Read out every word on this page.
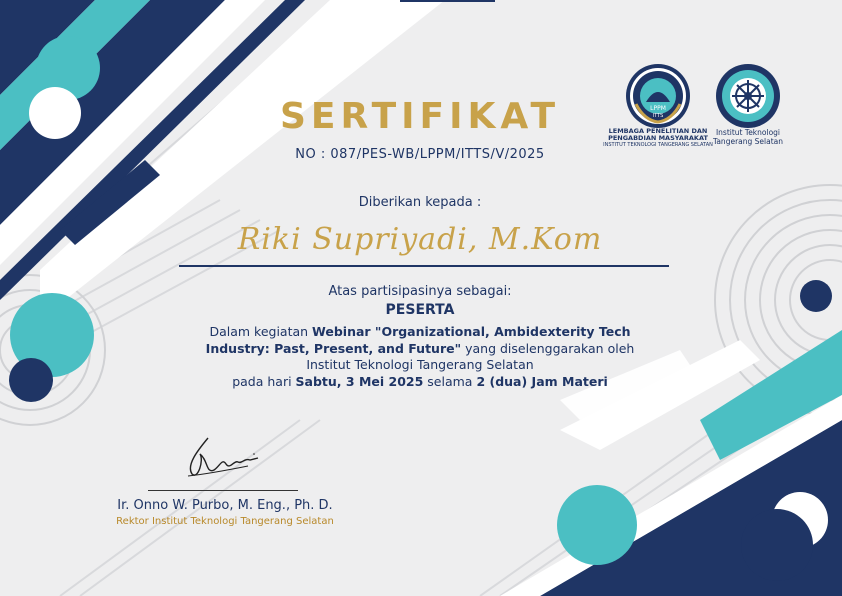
LPPM
ITTS
LEMBAGA PENELITIAN DAN PENGABDIAN MASYARAKAT
INSTITUT TEKNOLOGI TANGERANG SELATAN
Institut Teknologi
Tangerang Selatan
SERTIFIKAT
NO : 087/PES-WB/LPPM/ITTS/V/2025
Diberikan kepada :
Riki Supriyadi, M.Kom
Atas partisipasinya sebagai:
PESERTA
Dalam kegiatan Webinar "Organizational, Ambidexterity Tech
Industry: Past, Present, and Future" yang diselenggarakan oleh
Institut Teknologi Tangerang Selatan
pada hari Sabtu, 3 Mei 2025 selama 2 (dua) Jam Materi
Ir. Onno W. Purbo, M. Eng., Ph. D.
Rektor Institut Teknologi Tangerang Selatan
